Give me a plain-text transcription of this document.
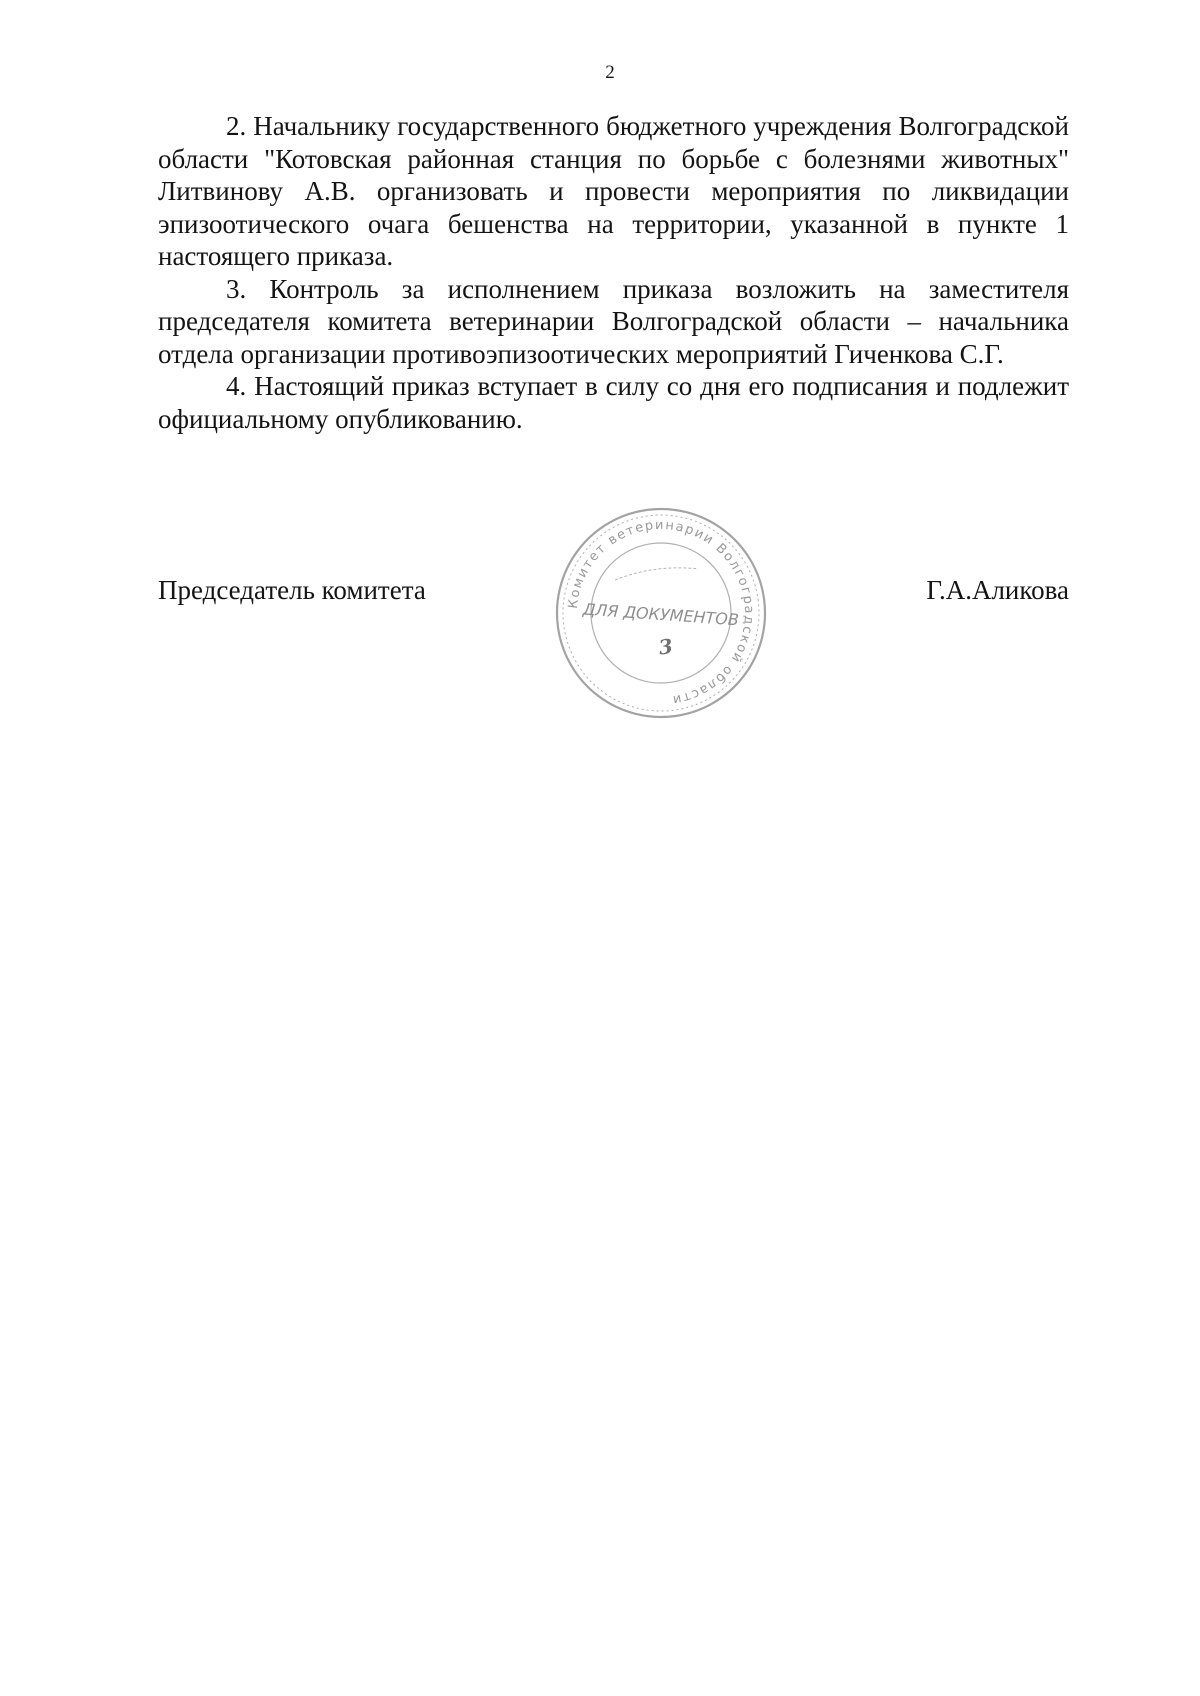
2

2. Начальнику государственного бюджетного учреждения Волгоградской области "Котовская районная станция по борьбе с болезнями животных" Литвинову А.В. организовать и провести мероприятия по ликвидации эпизоотического очага бешенства на территории, указанной в пункте 1 настоящего приказа.

3. Контроль за исполнением приказа возложить на заместителя председателя комитета ветеринарии Волгоградской области – начальника отдела организации противоэпизоотических мероприятий Гиченкова С.Г.

4. Настоящий приказ вступает в силу со дня его подписания и подлежит официальному опубликованию.

Председатель комитета	Г.А.Аликова
Комитет ветеринарии Волгоградской области
ДЛЯ ДОКУМЕНТОВ
3
